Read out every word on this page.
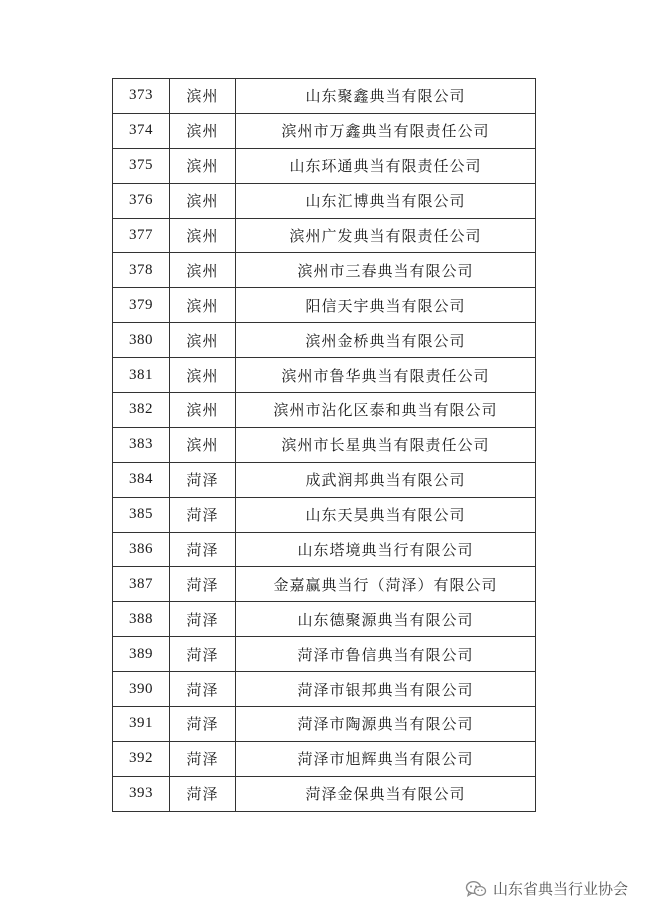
373	滨州	山东聚鑫典当有限公司
374	滨州	滨州市万鑫典当有限责任公司
375	滨州	山东环通典当有限责任公司
376	滨州	山东汇博典当有限公司
377	滨州	滨州广发典当有限责任公司
378	滨州	滨州市三春典当有限公司
379	滨州	阳信天宇典当有限公司
380	滨州	滨州金桥典当有限公司
381	滨州	滨州市鲁华典当有限责任公司
382	滨州	滨州市沾化区泰和典当有限公司
383	滨州	滨州市长星典当有限责任公司
384	菏泽	成武润邦典当有限公司
385	菏泽	山东天昊典当有限公司
386	菏泽	山东塔境典当行有限公司
387	菏泽	金嘉赢典当行（菏泽）有限公司
388	菏泽	山东德聚源典当有限公司
389	菏泽	菏泽市鲁信典当有限公司
390	菏泽	菏泽市银邦典当有限公司
391	菏泽	菏泽市陶源典当有限公司
392	菏泽	菏泽市旭辉典当有限公司
393	菏泽	菏泽金保典当有限公司
山东省典当行业协会
